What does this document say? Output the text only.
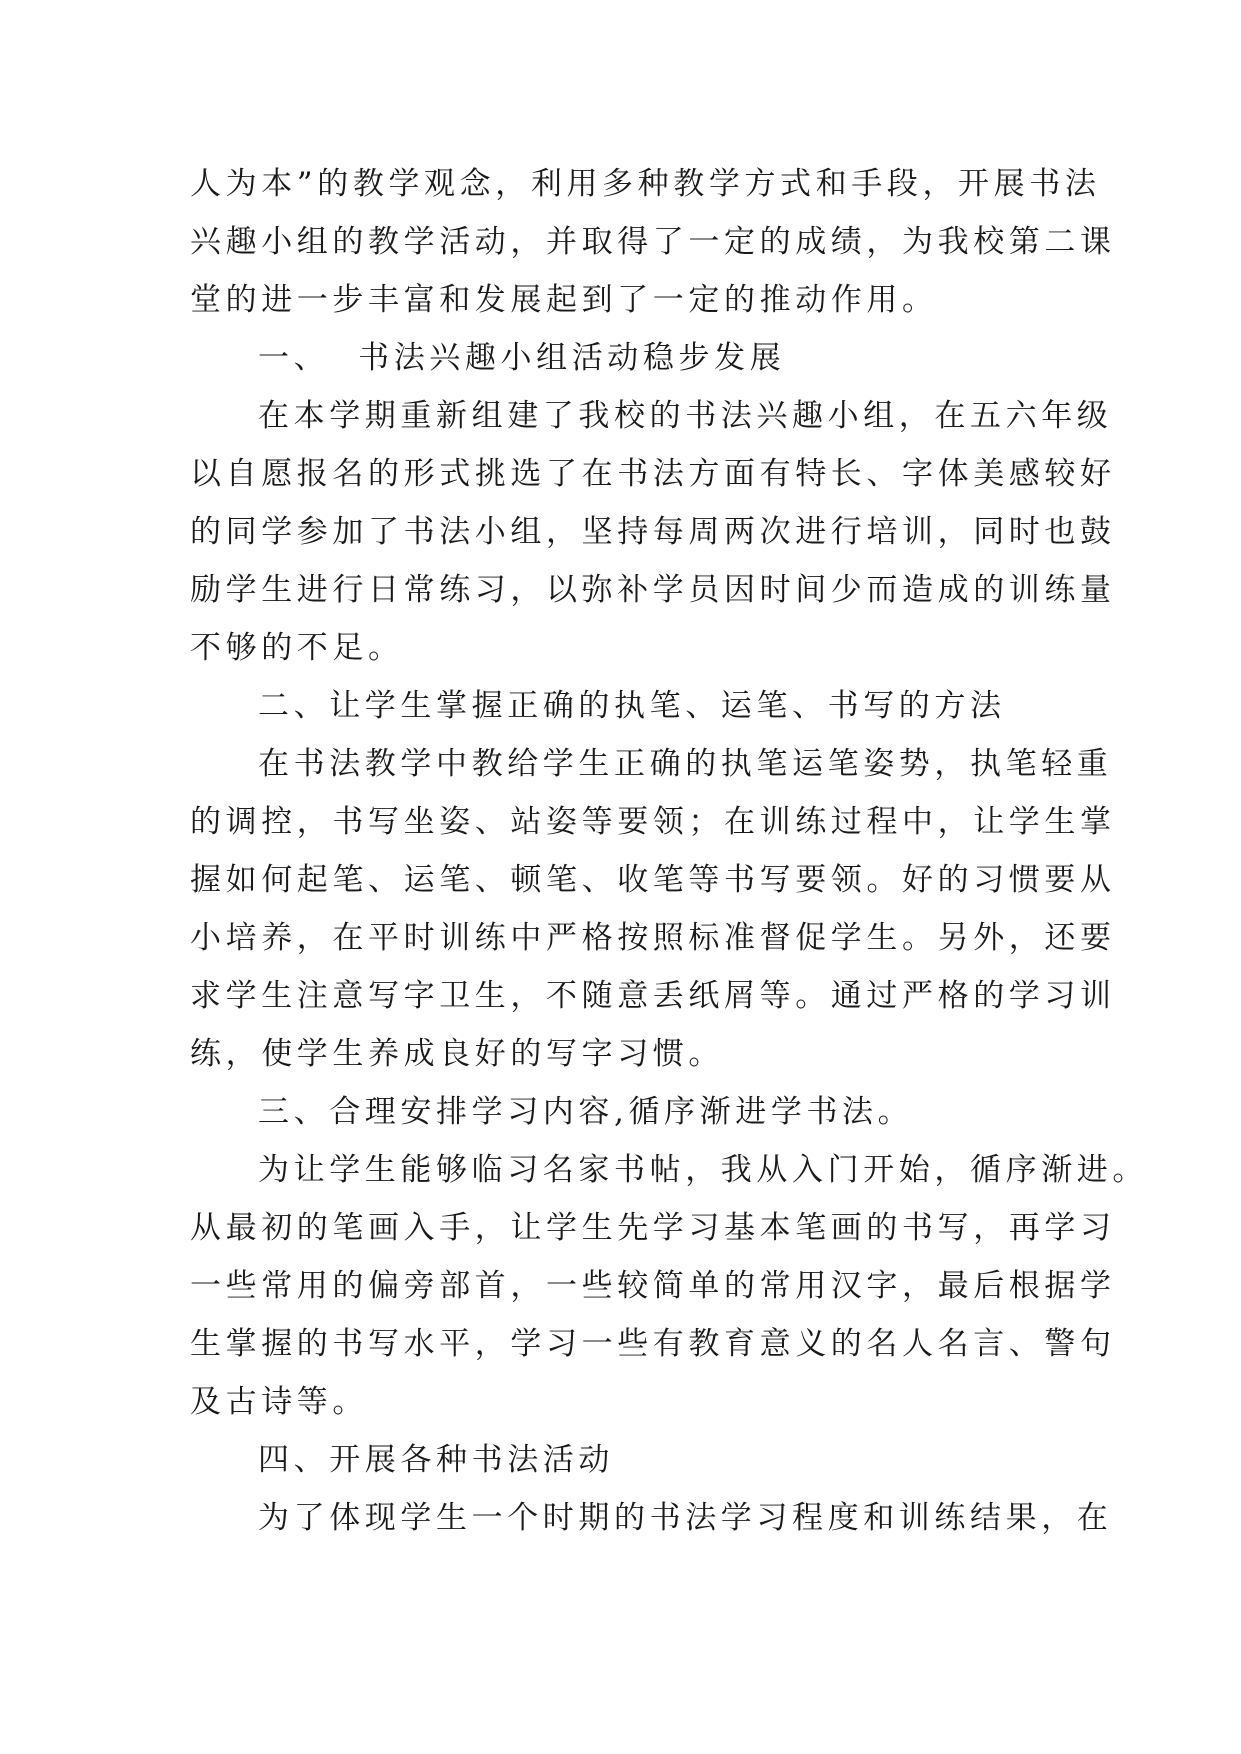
人为本”的教学观念，利用多种教学方式和手段，开展书法
兴趣小组的教学活动，并取得了一定的成绩，为我校第二课
堂的进一步丰富和发展起到了一定的推动作用。
一、  书法兴趣小组活动稳步发展
在本学期重新组建了我校的书法兴趣小组，在五六年级
以自愿报名的形式挑选了在书法方面有特长、字体美感较好
的同学参加了书法小组，坚持每周两次进行培训，同时也鼓
励学生进行日常练习，以弥补学员因时间少而造成的训练量
不够的不足。
二、让学生掌握正确的执笔、运笔、书写的方法
在书法教学中教给学生正确的执笔运笔姿势，执笔轻重
的调控，书写坐姿、站姿等要领；在训练过程中，让学生掌
握如何起笔、运笔、顿笔、收笔等书写要领。好的习惯要从
小培养，在平时训练中严格按照标准督促学生。另外，还要
求学生注意写字卫生，不随意丢纸屑等。通过严格的学习训
练，使学生养成良好的写字习惯。
三、合理安排学习内容,循序渐进学书法。
为让学生能够临习名家书帖，我从入门开始，循序渐进。
从最初的笔画入手，让学生先学习基本笔画的书写，再学习
一些常用的偏旁部首，一些较简单的常用汉字，最后根据学
生掌握的书写水平，学习一些有教育意义的名人名言、警句
及古诗等。
四、开展各种书法活动
为了体现学生一个时期的书法学习程度和训练结果，在
